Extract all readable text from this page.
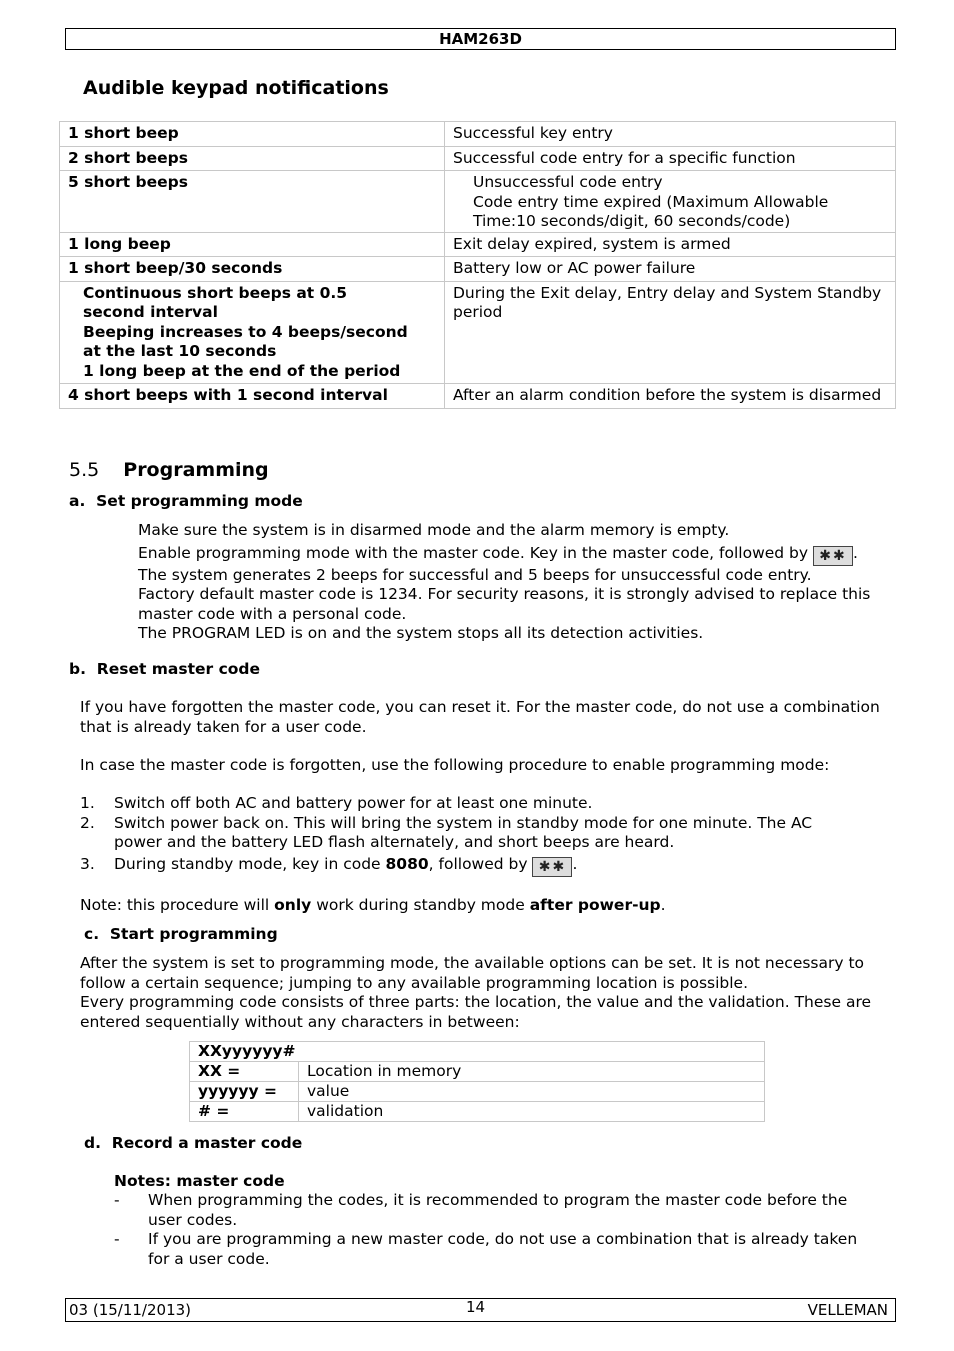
HAM263D
Audible keypad notifications
1 short beep	Successful key entry
2 short beeps	Successful code entry for a specific function
5 short beeps	Unsuccessful code entry
Code entry time expired (Maximum Allowable
Time:10 seconds/digit, 60 seconds/code)

1 long beep	Exit delay expired, system is armed
1 short beep/30 seconds	Battery low or AC power failure

Continuous short beeps at 0.5
second interval
Beeping increases to 4 beeps/second
at the last 10 seconds
1 long beep at the end of the period	During the Exit delay, Entry delay and System Standby period
4 short beeps with 1 second interval	After an alarm condition before the system is disarmed
5.5 Programming
a.  Set programming mode
Make sure the system is in disarmed mode and the alarm memory is empty.
Enable programming mode with the master code. Key in the master code, followed by ✱✱ .
The system generates 2 beeps for successful and 5 beeps for unsuccessful code entry.
Factory default master code is 1234. For security reasons, it is strongly advised to replace this master code with a personal code.
The PROGRAM LED is on and the system stops all its detection activities.
b.  Reset master code
If you have forgotten the master code, you can reset it. For the master code, do not use a combination that is already taken for a user code.
In case the master code is forgotten, use the following procedure to enable programming mode:
1. Switch off both AC and battery power for at least one minute.
2. Switch power back on. This will bring the system in standby mode for one minute. The AC power and the battery LED flash alternately, and short beeps are heard.
3. During standby mode, key in code 8080, followed by ✱✱ .
Note: this procedure will only work during standby mode after power-up.
c.  Start programming
After the system is set to programming mode, the available options can be set. It is not necessary to follow a certain sequence; jumping to any available programming location is possible.
Every programming code consists of three parts: the location, the value and the validation. These are entered sequentially without any characters in between:
XXyyyyyy#	
XX =	Location in memory
yyyyyy =	value
# =	validation
d.  Record a master code
Notes: master code
- When programming the codes, it is recommended to program the master code before the user codes.
- If you are programming a new master code, do not use a combination that is already taken for a user code.
03 (15/11/2013)	14	VELLEMAN
